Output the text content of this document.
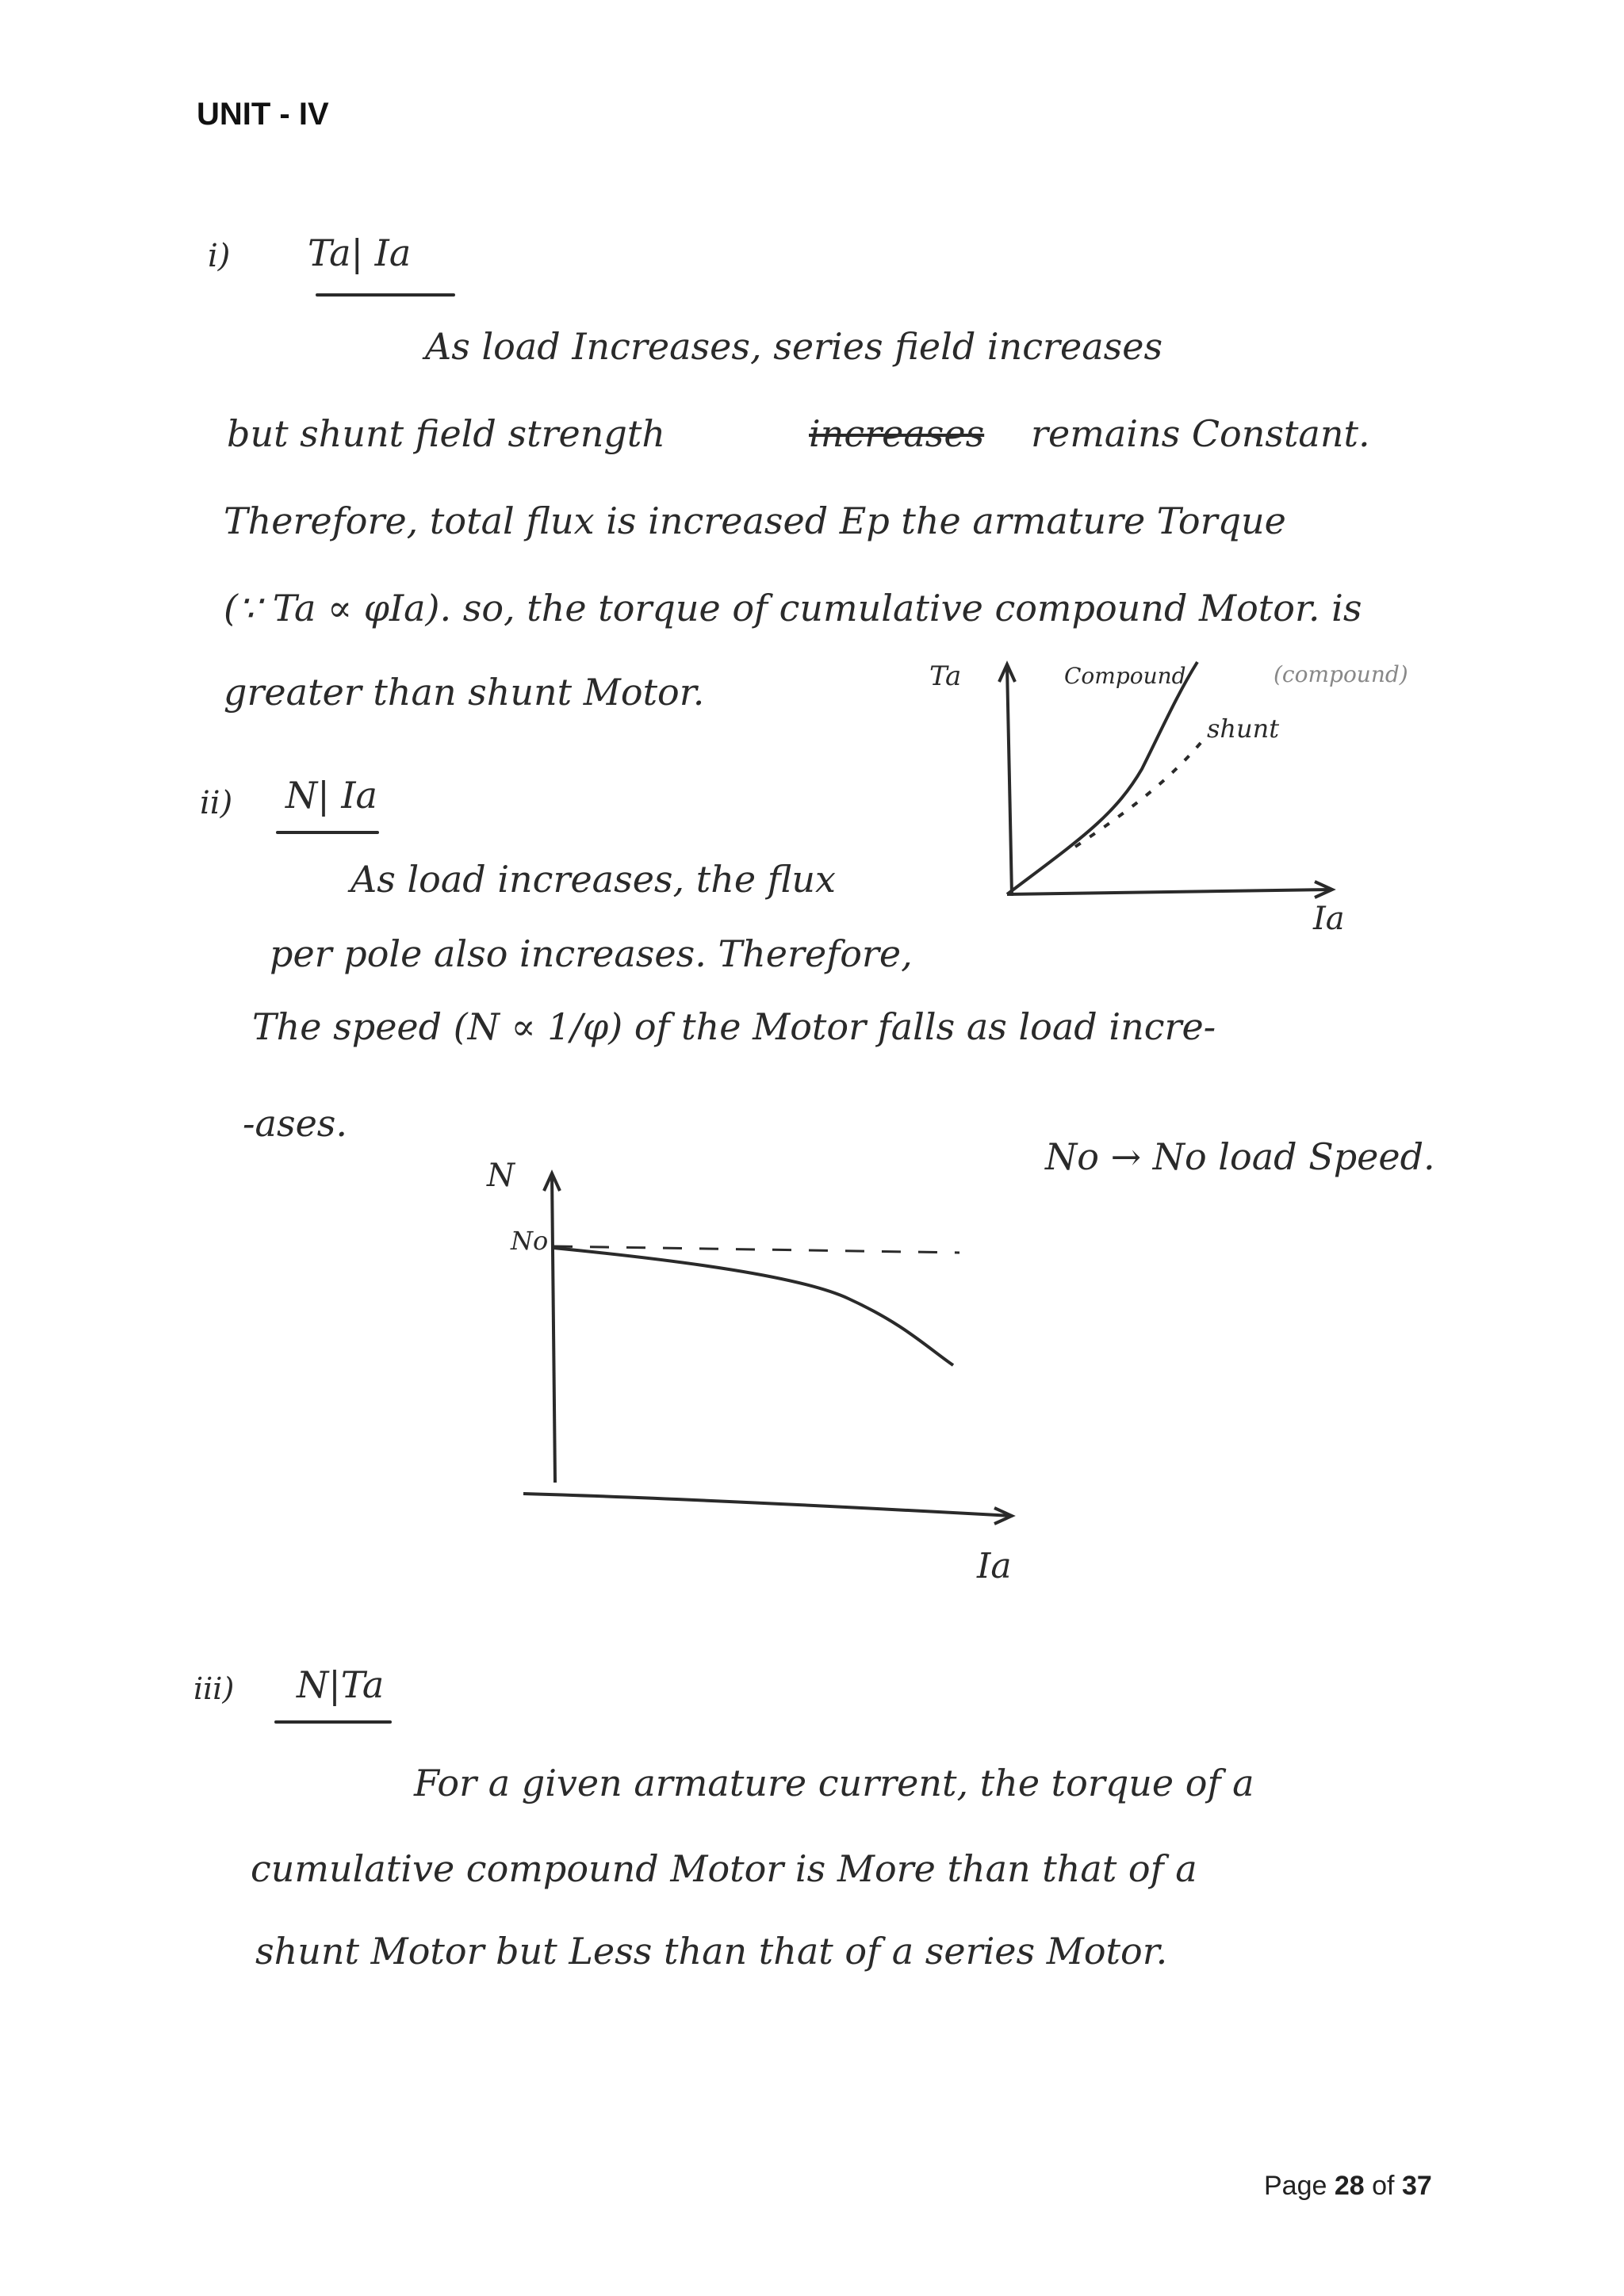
UNIT - IV
i) Ta| Ia
As load Increases, series field increases
but shunt field strength	increases remains Constant.
Therefore, total flux is increased Ep the armature Torque
(∵ Ta ∝ φIa). so, the torque of cumulative compound Motor. is
greater than shunt Motor.	Ta
Ia
Compound
shunt
(compound)
ii) N| Ia
As load increases, the flux
per pole also increases. Therefore,
The speed (N ∝ 1/φ) of the Motor falls as load incre-
-ases.
No → No load Speed.
N
No
Ia
iii) N|Ta
For a given armature current, the torque of a
cumulative compound Motor is More than that of a
shunt Motor but Less than that of a series Motor.
Page 28 of 37
